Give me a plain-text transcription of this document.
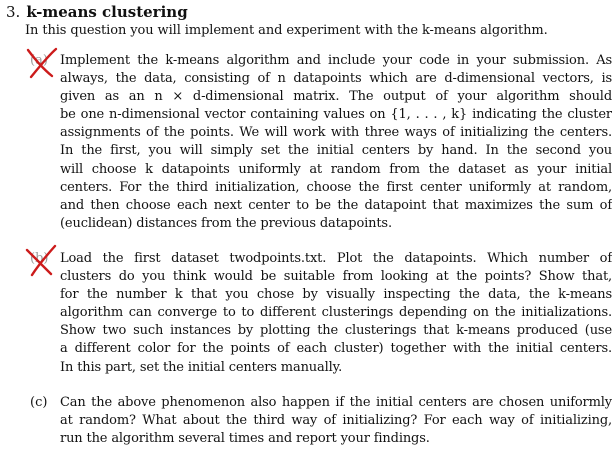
3. k-means clustering
In this question you will implement and experiment with the k-means algorithm.
(a) Implement the k-means algorithm and include your code in your submission. As
always, the data, consisting of n datapoints which are d-dimensional vectors, is
given as an n × d-dimensional matrix. The output of your algorithm should
be one n-dimensional vector containing values on {1, . . . , k} indicating the cluster
assignments of the points. We will work with three ways of initializing the centers.
In the first, you will simply set the initial centers by hand. In the second you
will choose k datapoints uniformly at random from the dataset as your initial
centers. For the third initialization, choose the first center uniformly at random,
and then choose each next center to be the datapoint that maximizes the sum of
(euclidean) distances from the previous datapoints.
(b) Load the first dataset twodpoints.txt. Plot the datapoints. Which number of
clusters do you think would be suitable from looking at the points? Show that,
for the number k that you chose by visually inspecting the data, the k-means
algorithm can converge to to different clusterings depending on the initializations.
Show two such instances by plotting the clusterings that k-means produced (use
a different color for the points of each cluster) together with the initial centers.
In this part, set the initial centers manually.
(c) Can the above phenomenon also happen if the initial centers are chosen uniformly
at random? What about the third way of initializing? For each way of initializing,
run the algorithm several times and report your findings.
